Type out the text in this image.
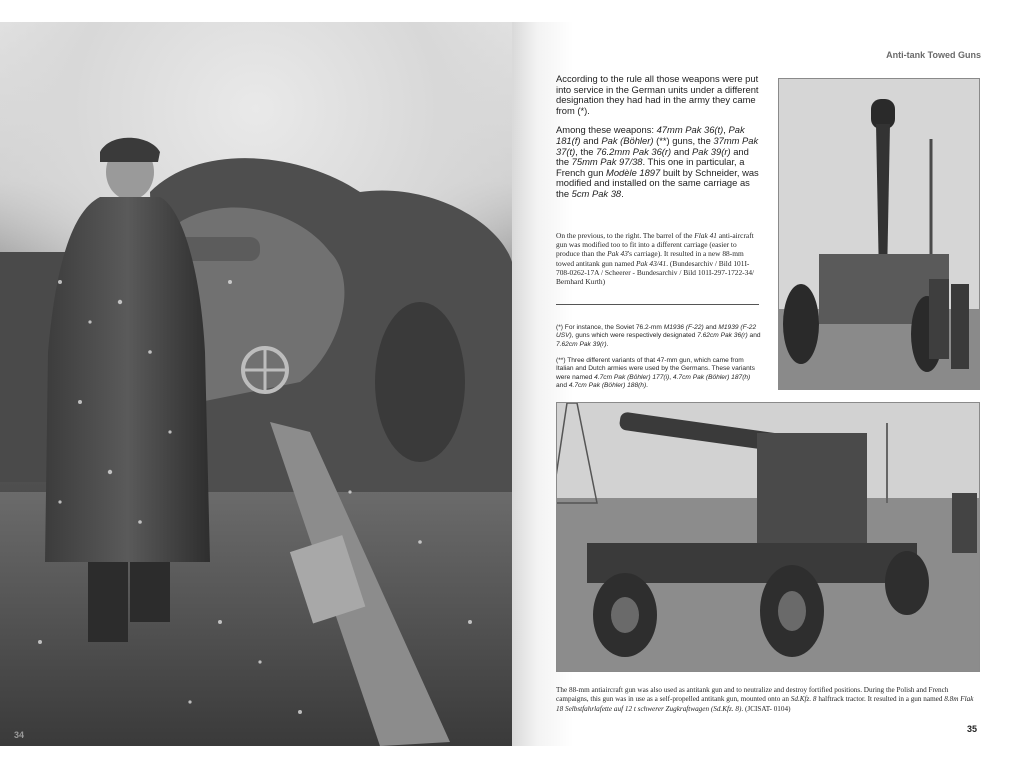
34
Anti-tank Towed Guns

According to the rule all those weapons were put into service in the German units under a different designation they had had in the army they came from (*).

Among these weapons: 47mm Pak 36(t), Pak 181(f) and Pak (Böhler) (**) guns, the 37mm Pak 37(t), the 76.2mm Pak 36(r) and Pak 39(r) and the 75mm Pak 97/38. This one in particular, a French gun Modèle 1897 built by Schneider, was modified and installed on the same carriage as the 5cm Pak 38.

On the previous, to the right. The barrel of the Flak 41 anti-aircraft gun was modified too to fit into a different carriage (easier to produce than the Pak 43's carriage). It resulted in a new 88-mm towed antitank gun named Pak 43/41. (Bundesarchiv / Bild 101I-708-0262-17A / Scheerer - Bundesarchiv / Bild 101I-297-1722-34/ Bernhard Kurth)
(*) For instance, the Soviet 76.2-mm M1936 (F-22) and M1939 (F-22 USV), guns which were respectively designated 7.62cm Pak 36(r) and 7.62cm Pak 39(r).
(**) Three different variants of that 47-mm gun, which came from Italian and Dutch armies were used by the Germans. These variants were named 4.7cm Pak (Böhler) 177(i), 4.7cm Pak (Böhler) 187(h) and 4.7cm Pak (Böhler) 188(h).
The 88-mm antiaircraft gun was also used as antitank gun and to neutralize and destroy fortified positions. During the Polish and French campaigns, this gun was in use as a self-propelled antitank gun, mounted onto an Sd.Kfz. 8 halftrack tractor. It resulted in a gun named 8.8m Flak 18 Selbstfahrlafette auf 12 t schwerer Zugkraftwagen (Sd.Kfz. 8). (JCISAT- 0104)
35
